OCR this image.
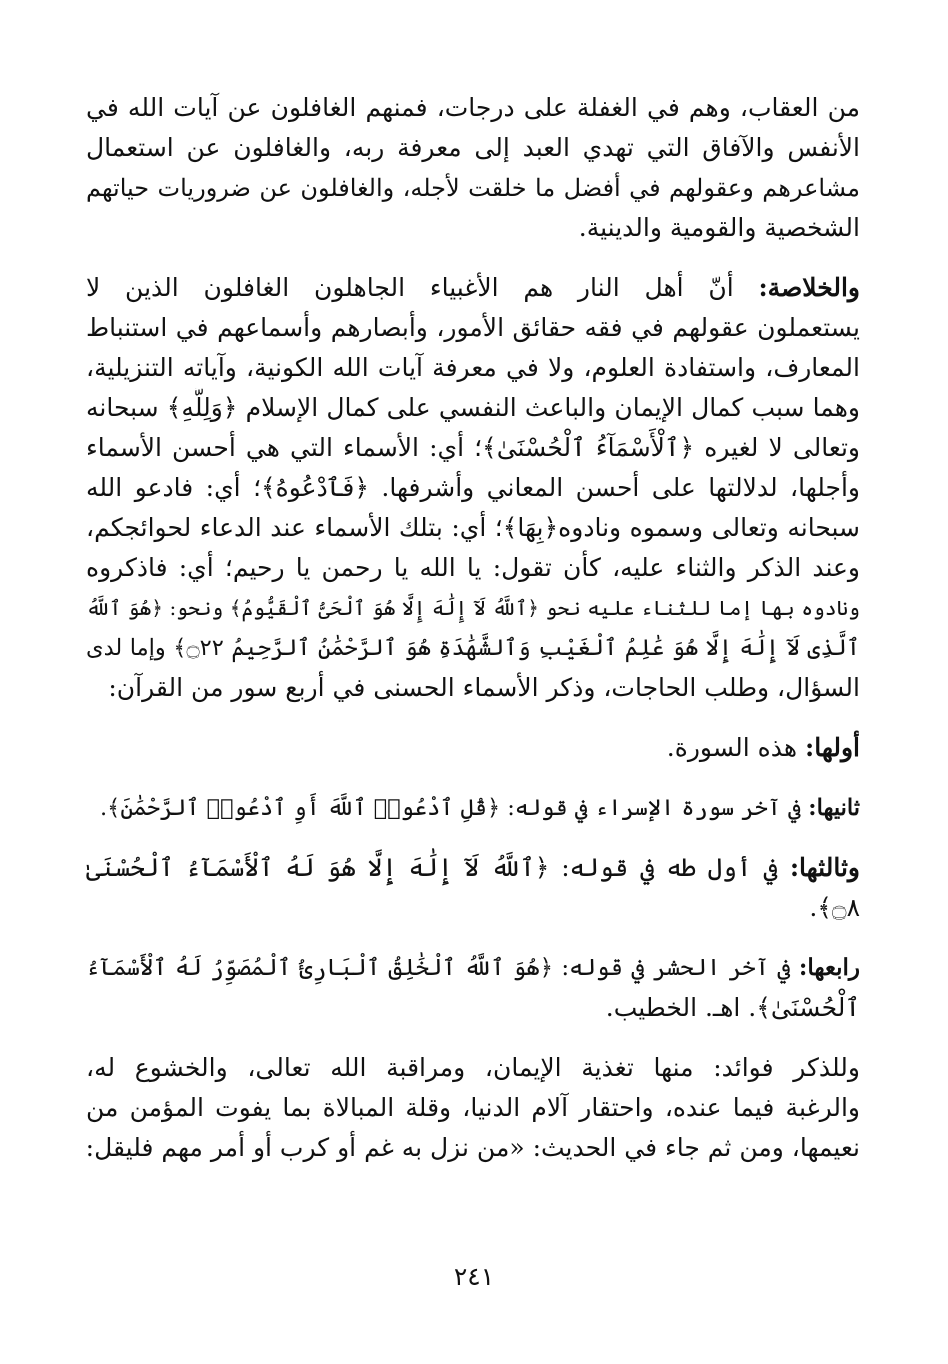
من العقاب، وهم في الغفلة على درجات، فمنهم الغافلون عن آيات الله في
الأنفس والآفاق التي تهدي العبد إلى معرفة ربه، والغافلون عن استعمال
مشاعرهم وعقولهم في أفضل ما خلقت لأجله، والغافلون عن ضروريات حياتهم
الشخصية والقومية والدينية.
والخلاصة: أنّ أهل النار هم الأغبياء الجاهلون الغافلون الذين لا
يستعملون عقولهم في فقه حقائق الأمور، وأبصارهم وأسماعهم في استنباط
المعارف، واستفادة العلوم، ولا في معرفة آيات الله الكونية، وآياته التنزيلية،
وهما سبب كمال الإيمان والباعث النفسي على كمال الإسلام ﴿وَلِلَّهِ﴾ سبحانه
وتعالى لا لغيره ﴿ٱلْأَسْمَآءُ ٱلْحُسْنَىٰ﴾؛ أي: الأسماء التي هي أحسن الأسماء
وأجلها، لدلالتها على أحسن المعاني وأشرفها. ﴿فَٱدْعُوهُ﴾؛ أي: فادعو الله
سبحانه وتعالى وسموه ونادوه﴿بِهَا﴾؛ أي: بتلك الأسماء عند الدعاء لحوائجكم،
وعند الذكر والثناء عليه، كأن تقول: يا الله يا رحمن يا رحيم؛ أي: فاذكروه
ونادوه بها إما للثناء عليه نحو ﴿ٱللَّهُ لَآ إِلَٰهَ إِلَّا هُوَ ٱلْحَىُّ ٱلْقَيُّومُ﴾ ونحو: ﴿هُوَ ٱللَّهُ
ٱلَّذِى لَآ إِلَٰهَ إِلَّا هُوَ عَٰلِمُ ٱلْغَيْبِ وَٱلشَّهَٰدَةِ هُوَ ٱلرَّحْمَٰنُ ٱلرَّحِيمُ ۝٢٢﴾ وإما لدى
السؤال، وطلب الحاجات، وذكر الأسماء الحسنى في أربع سور من القرآن:
أولها: هذه السورة.
ثانيها: في آخر سورة الإسراء في قوله: ﴿قُلِ ٱدْعُوا۟ ٱللَّهَ أَوِ ٱدْعُوا۟ ٱلرَّحْمَٰنَ﴾.
وثالثها: في أول طه في قوله: ﴿ٱللَّهُ لَآ إِلَٰهَ إِلَّا هُوَ لَهُ ٱلْأَسْمَآءُ ٱلْحُسْنَىٰ
۝٨﴾.
رابعها: في آخر الحشر في قوله: ﴿هُوَ ٱللَّهُ ٱلْخَٰلِقُ ٱلْبَارِئُ ٱلْمُصَوِّرُ لَهُ ٱلْأَسْمَآءُ
ٱلْحُسْنَىٰ﴾. اهـ. الخطيب.
وللذكر فوائد: منها تغذية الإيمان، ومراقبة الله تعالى، والخشوع له،
والرغبة فيما عنده، واحتقار آلام الدنيا، وقلة المبالاة بما يفوت المؤمن من
نعيمها، ومن ثم جاء في الحديث: «من نزل به غم أو كرب أو أمر مهم فليقل:
٢٤١
